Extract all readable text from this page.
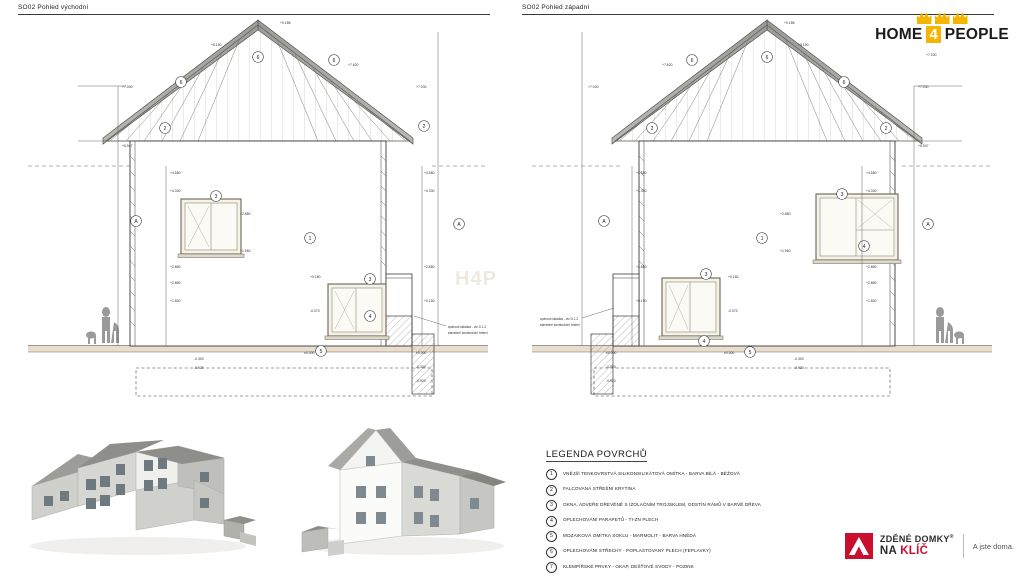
SO02 Pohled východní
6	6
6
2	2
1
3
4
5
3
A	A
+9.185
+7.620
+8.150
+7.030
+7.000
+6.947
+4.580
+4.330
+2.880
+2.880
+1.500
+2.880
+1.960
+4.580
+4.330
+2.880
+0.150
-0.300
-0.920
±0.000	±0.000
-0.300
-0.920
+0.180
-0.070
spárová skládka - viz D.1.2
stavebně konstrukční řešení
SO02 Pohled západní
6
6
6
2	2
1
3
4
3
4
5
A
A
+9.185
+7.620
+8.150
+7.030
+7.000	+7.030
+6.947
+4.580
+4.330
+2.880
+2.880
+1.500
+2.880
+1.960
+4.580
+4.330
+2.880
+0.150
-0.300
-0.920
±0.000
±0.000
-0.300
-0.920
+0.180
-0.070
spárová skládka - viz D.1.2
stavebně konstrukční řešení
HOME 4 PEOPLE
H4P
LEGENDA POVRCHŮ
1	VNĚJŠÍ TENKOVRSTVÁ SILIKONSILIKÁTOVÁ OMÍTKA - BARVA BÍLÁ - BĚŽOVÁ
2	FALCOVANÁ STŘEŠNÍ KRYTINA
3	OKNA, ADVEŘE DŘEVĚNÉ S IZOLAČNÍM TROJSKLEM, ODSTÍN RÁMŮ V BARVĚ DŘEVA
4	OPLECHOVÁNÍ PARAPETŮ - TI-ZN PLECH
5	MOZAIKOVÁ OMÍTKA SOKLU - MARMOLIT - BARVA HNĚDÁ
6	OPLECHOVÁNÍ STŘECHY - POPLASTOVANÝ PLECH (FEPLAVKY)
7	KLEMPÍŘSKÉ PRVKY - OKAP, DEŠŤOVÉ SVODY - POZINK
ZDĚNÉ DOMKY®
NA KLÍČ	A jste doma.
